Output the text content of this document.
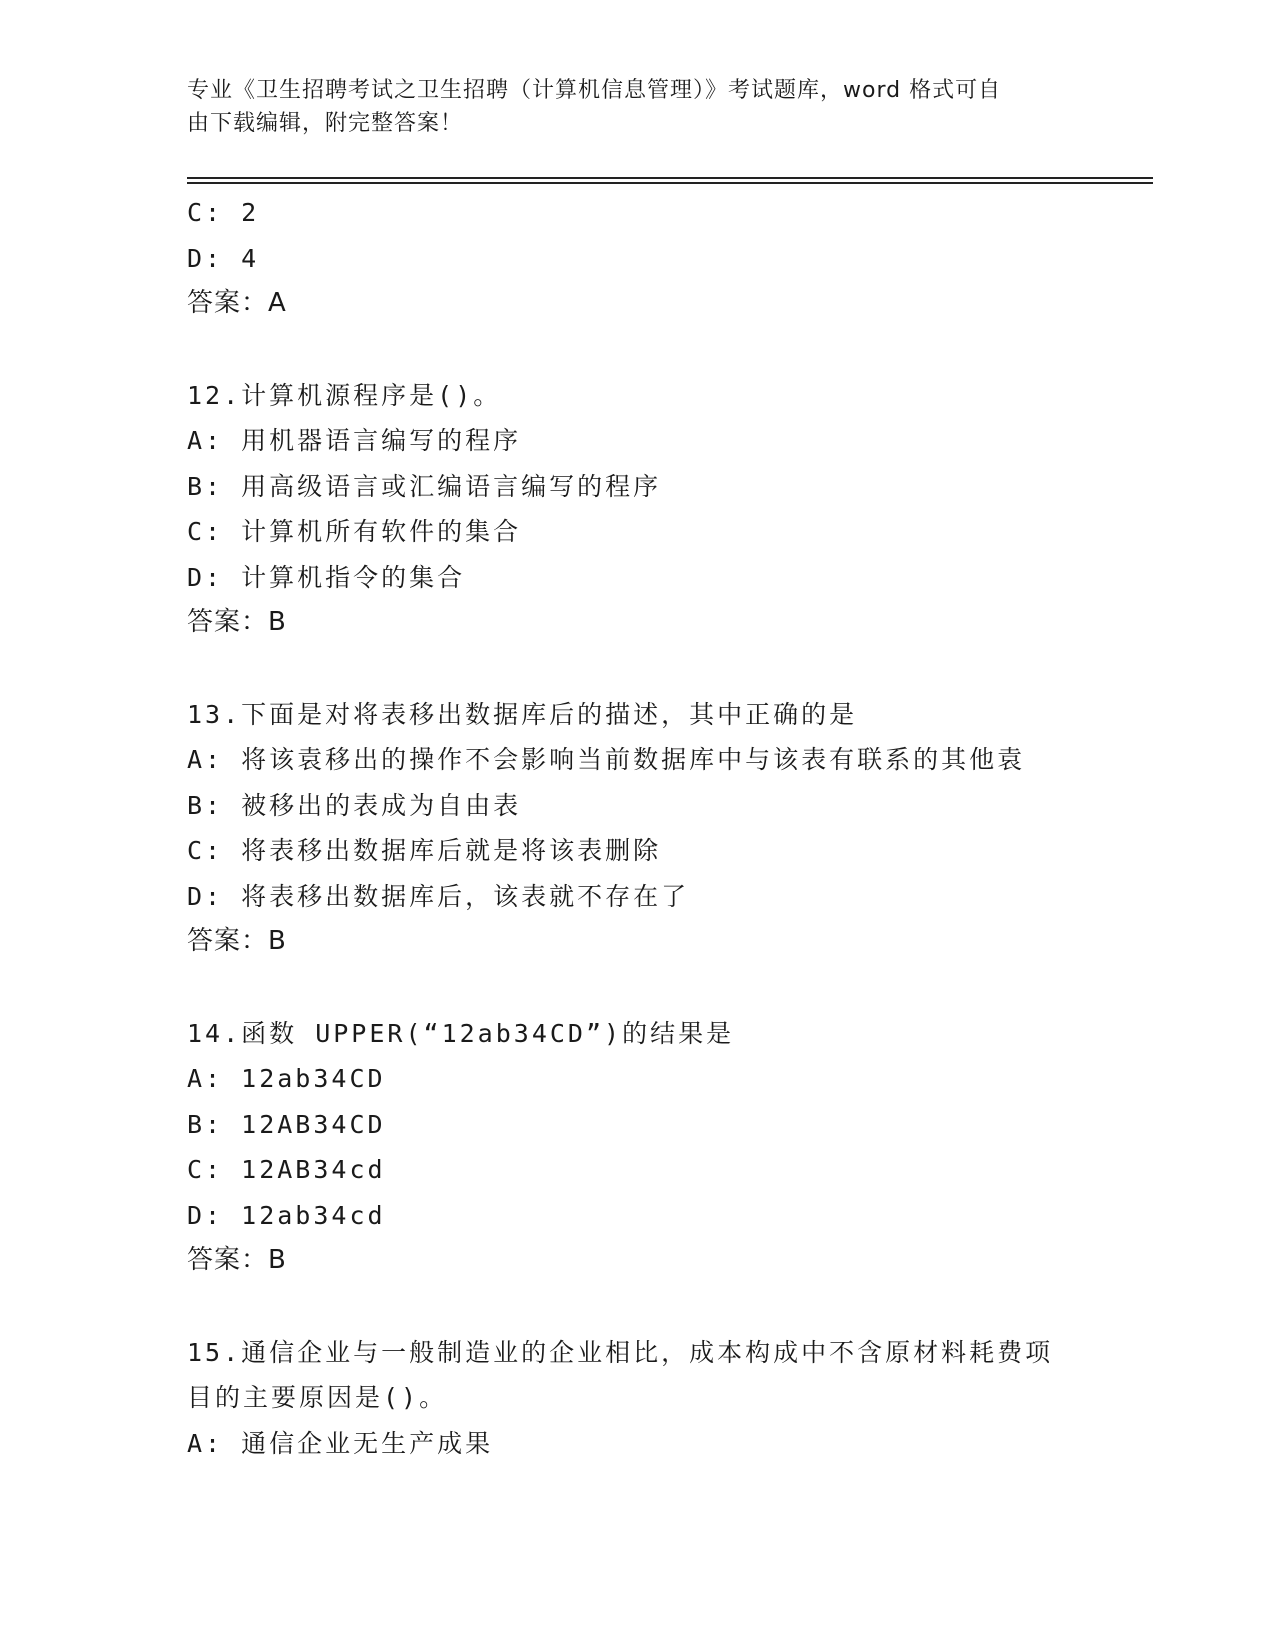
专业《卫生招聘考试之卫生招聘（计算机信息管理）》考试题库，word 格式可自
由下载编辑，附完整答案！
C: 2
D: 4
答案：A
12.计算机源程序是()。
A: 用机器语言编写的程序
B: 用高级语言或汇编语言编写的程序
C: 计算机所有软件的集合
D: 计算机指令的集合
答案：B
13.下面是对将表移出数据库后的描述，其中正确的是
A: 将该袁移出的操作不会影响当前数据库中与该表有联系的其他袁
B: 被移出的表成为自由表
C: 将表移出数据库后就是将该表删除
D: 将表移出数据库后，该表就不存在了
答案：B
14.函数 UPPER(“12ab34CD”)的结果是
A: 12ab34CD
B: 12AB34CD
C: 12AB34cd
D: 12ab34cd
答案：B
15.通信企业与一般制造业的企业相比，成本构成中不含原材料耗费项
目的主要原因是()。
A: 通信企业无生产成果
